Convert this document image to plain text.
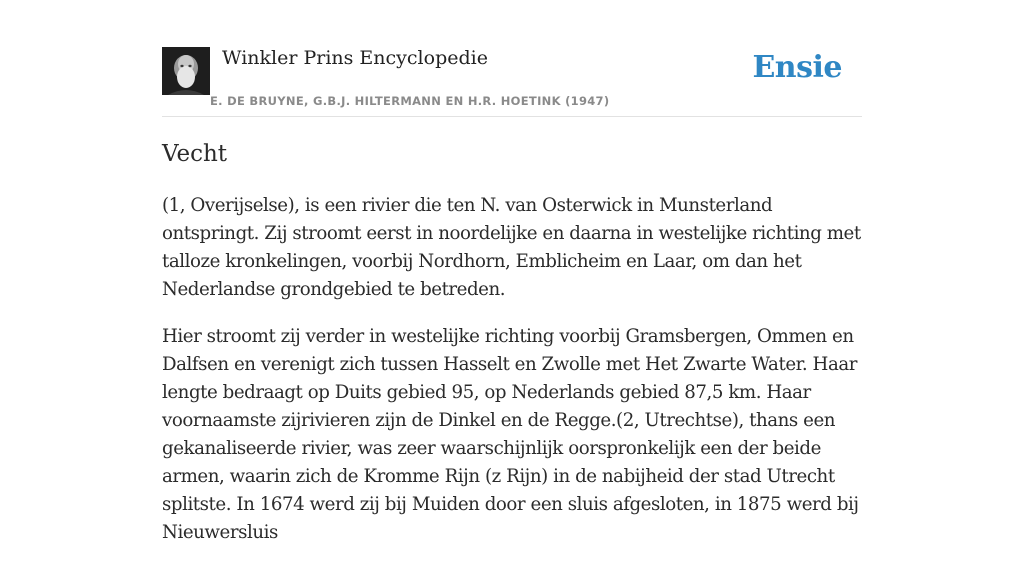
Winkler Prins Encyclopedie
E. DE BRUYNE, G.B.J. HILTERMANN EN H.R. HOETINK (1947)
Ensie
Vecht

(1, Overijselse), is een rivier die ten N. van Osterwick in Munsterland ontspringt. Zij stroomt eerst in noordelijke en daarna in westelijke richting met talloze kronkelingen, voorbij Nordhorn, Emblicheim en Laar, om dan het Nederlandse grondgebied te betreden.

Hier stroomt zij verder in westelijke richting voorbij Gramsbergen, Ommen en Dalfsen en verenigt zich tussen Hasselt en Zwolle met Het Zwarte Water. Haar lengte bedraagt op Duits gebied 95, op Nederlands gebied 87,5 km. Haar voornaamste zijrivieren zijn de Dinkel en de Regge.(2, Utrechtse), thans een gekanaliseerde rivier, was zeer waarschijnlijk oorspronkelijk een der beide armen, waarin zich de Kromme Rijn (z Rijn) in de nabijheid der stad Utrecht splitste. In 1674 werd zij bij Muiden door een sluis afgesloten, in 1875 werd bij Nieuwersluis
